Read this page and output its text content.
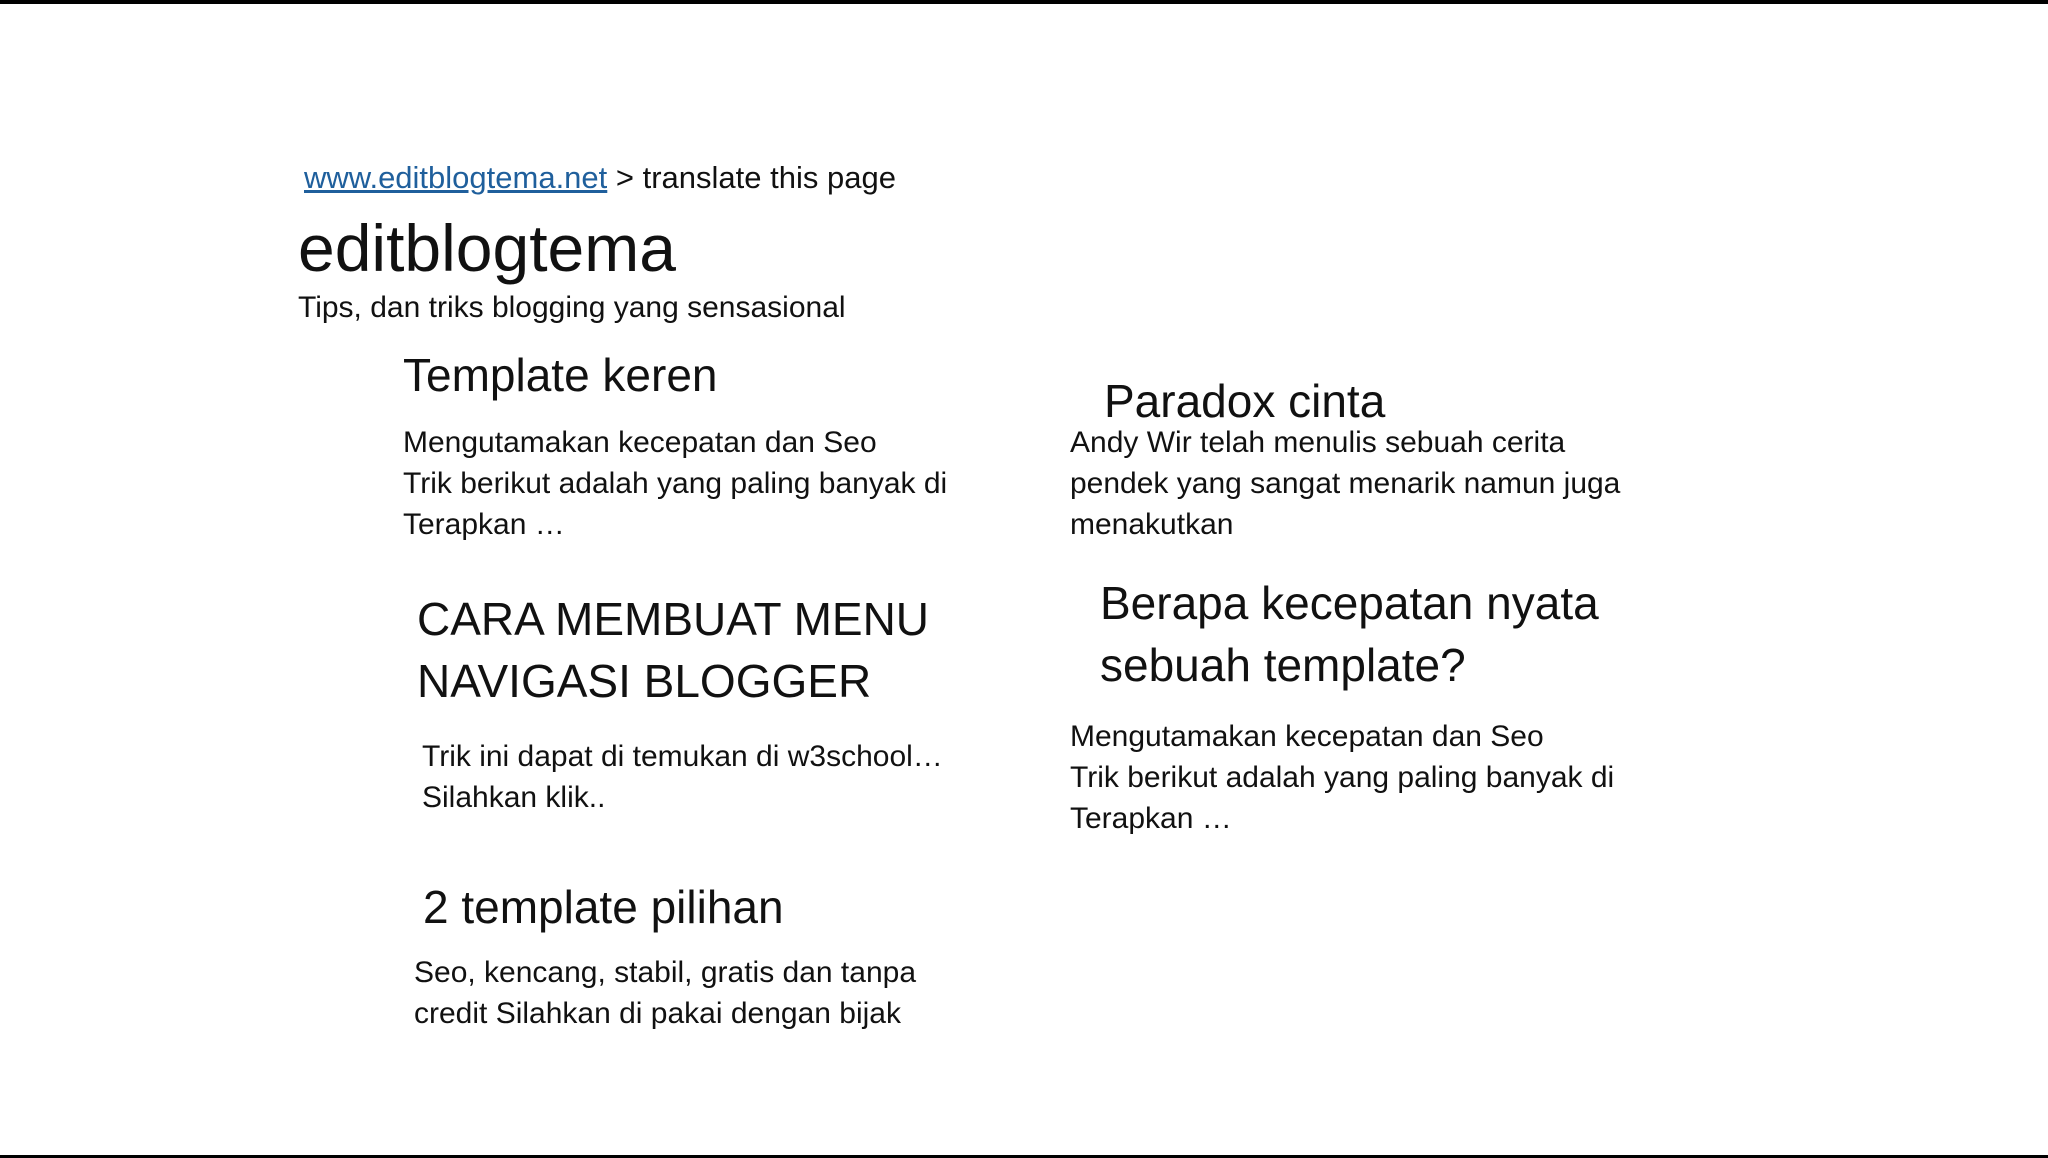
www.editblogtema.net > translate this page
editblogtema
Tips, dan triks blogging yang sensasional
Template keren
Mengutamakan kecepatan dan Seo
Trik berikut adalah yang paling banyak di
Terapkan …
Paradox cinta
Andy Wir telah menulis sebuah cerita
pendek yang sangat menarik namun juga
menakutkan
CARA MEMBUAT MENU
NAVIGASI BLOGGER
Trik ini dapat di temukan di w3school…
Silahkan klik..
Berapa kecepatan nyata
sebuah template?
Mengutamakan kecepatan dan Seo
Trik berikut adalah yang paling banyak di
Terapkan …
2 template pilihan
Seo, kencang, stabil, gratis dan tanpa
credit Silahkan di pakai dengan bijak
